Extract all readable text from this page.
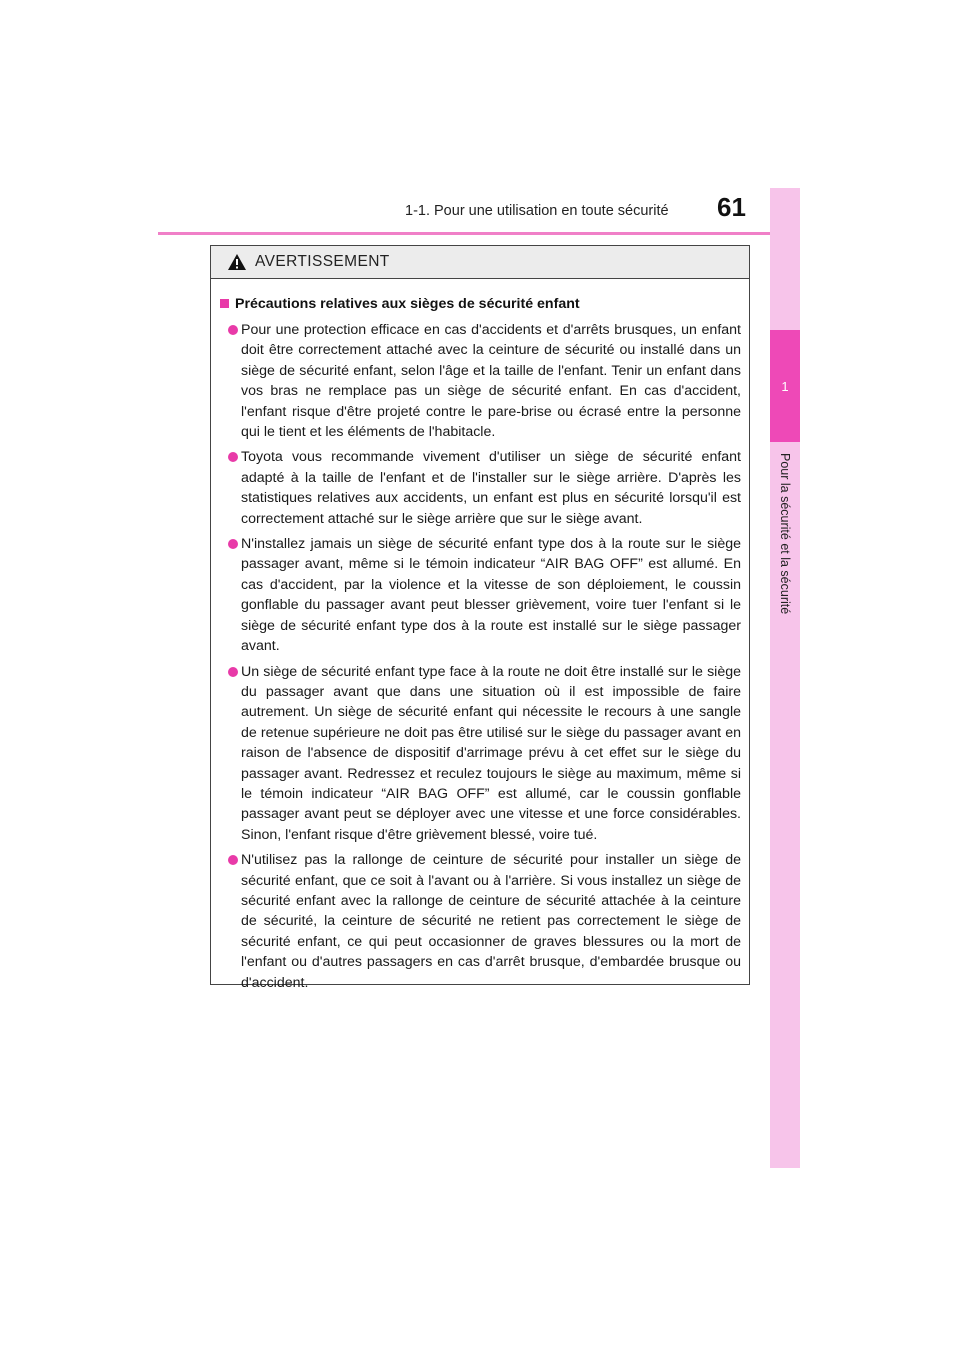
1-1. Pour une utilisation en toute sécurité 61
1
Pour la sécurité et la sécurité
AVERTISSEMENT
Précautions relatives aux sièges de sécurité enfant
Pour une protection efficace en cas d'accidents et d'arrêts brusques, un enfant doit être correctement attaché avec la ceinture de sécurité ou installé dans un siège de sécurité enfant, selon l'âge et la taille de l'enfant. Tenir un enfant dans vos bras ne remplace pas un siège de sécurité enfant. En cas d'accident, l'enfant risque d'être projeté contre le pare-brise ou écrasé entre la personne qui le tient et les éléments de l'habitacle.
Toyota vous recommande vivement d'utiliser un siège de sécurité enfant adapté à la taille de l'enfant et de l'installer sur le siège arrière. D'après les statistiques relatives aux accidents, un enfant est plus en sécurité lorsqu'il est correctement attaché sur le siège arrière que sur le siège avant.
N'installez jamais un siège de sécurité enfant type dos à la route sur le siège passager avant, même si le témoin indicateur “AIR BAG OFF” est allumé. En cas d'accident, par la violence et la vitesse de son déploiement, le coussin gonflable du passager avant peut blesser grièvement, voire tuer l'enfant si le siège de sécurité enfant type dos à la route est installé sur le siège passager avant.
Un siège de sécurité enfant type face à la route ne doit être installé sur le siège du passager avant que dans une situation où il est impossible de faire autrement. Un siège de sécurité enfant qui nécessite le recours à une sangle de retenue supérieure ne doit pas être utilisé sur le siège du passager avant en raison de l'absence de dispositif d'arrimage prévu à cet effet sur le siège du passager avant. Redressez et reculez toujours le siège au maximum, même si le témoin indicateur “AIR BAG OFF” est allumé, car le coussin gonflable passager avant peut se déployer avec une vitesse et une force considérables. Sinon, l'enfant risque d'être grièvement blessé, voire tué.
N'utilisez pas la rallonge de ceinture de sécurité pour installer un siège de sécurité enfant, que ce soit à l'avant ou à l'arrière. Si vous installez un siège de sécurité enfant avec la rallonge de ceinture de sécurité attachée à la ceinture de sécurité, la ceinture de sécurité ne retient pas correctement le siège de sécurité enfant, ce qui peut occasionner de graves blessures ou la mort de l'enfant ou d'autres passagers en cas d'arrêt brusque, d'embardée brusque ou d'accident.
